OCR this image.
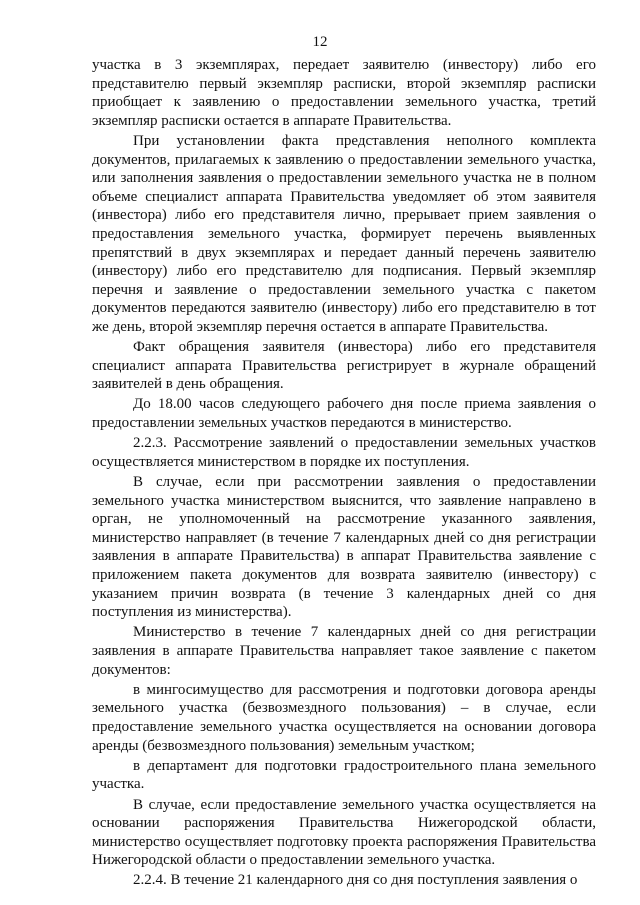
12

участка в 3 экземплярах, передает заявителю (инвестору) либо его представителю первый экземпляр расписки, второй экземпляр расписки приобщает к заявлению о предоставлении земельного участка, третий экземпляр расписки остается в аппарате Правительства.

При установлении факта представления неполного комплекта документов, прилагаемых к заявлению о предоставлении земельного участка, или заполнения заявления о предоставлении земельного участка не в полном объеме специалист аппарата Правительства уведомляет об этом заявителя (инвестора) либо его представителя лично, прерывает прием заявления о предоставления земельного участка, формирует перечень выявленных препятствий в двух экземплярах и передает данный перечень заявителю (инвестору) либо его представителю для подписания. Первый экземпляр перечня и заявление о предоставлении земельного участка с пакетом документов передаются заявителю (инвестору) либо его представителю в тот же день, второй экземпляр перечня остается в аппарате Правительства.

Факт обращения заявителя (инвестора) либо его представителя специалист аппарата Правительства регистрирует в журнале обращений заявителей в день обращения.

До 18.00 часов следующего рабочего дня после приема заявления о предоставлении земельных участков передаются в министерство.

2.2.3. Рассмотрение заявлений о предоставлении земельных участков осуществляется министерством в порядке их поступления.

В случае, если при рассмотрении заявления о предоставлении земельного участка министерством выяснится, что заявление направлено в орган, не уполномоченный на рассмотрение указанного заявления, министерство направляет (в течение 7 календарных дней со дня регистрации заявления в аппарате Правительства) в аппарат Правительства заявление с приложением пакета документов для возврата заявителю (инвестору) с указанием причин возврата (в течение 3 календарных дней со дня поступления из министерства).

Министерство в течение 7 календарных дней со дня регистрации заявления в аппарате Правительства направляет такое заявление с пакетом документов:

в мингосимущество для рассмотрения и подготовки договора аренды земельного участка (безвозмездного пользования) – в случае, если предоставление земельного участка осуществляется на основании договора аренды (безвозмездного пользования) земельным участком;

в департамент для подготовки градостроительного плана земельного участка.

В случае, если предоставление земельного участка осуществляется на основании распоряжения Правительства Нижегородской области, министерство осуществляет подготовку проекта распоряжения Правительства Нижегородской области о предоставлении земельного участка.

2.2.4. В течение 21 календарного дня со дня поступления заявления о
